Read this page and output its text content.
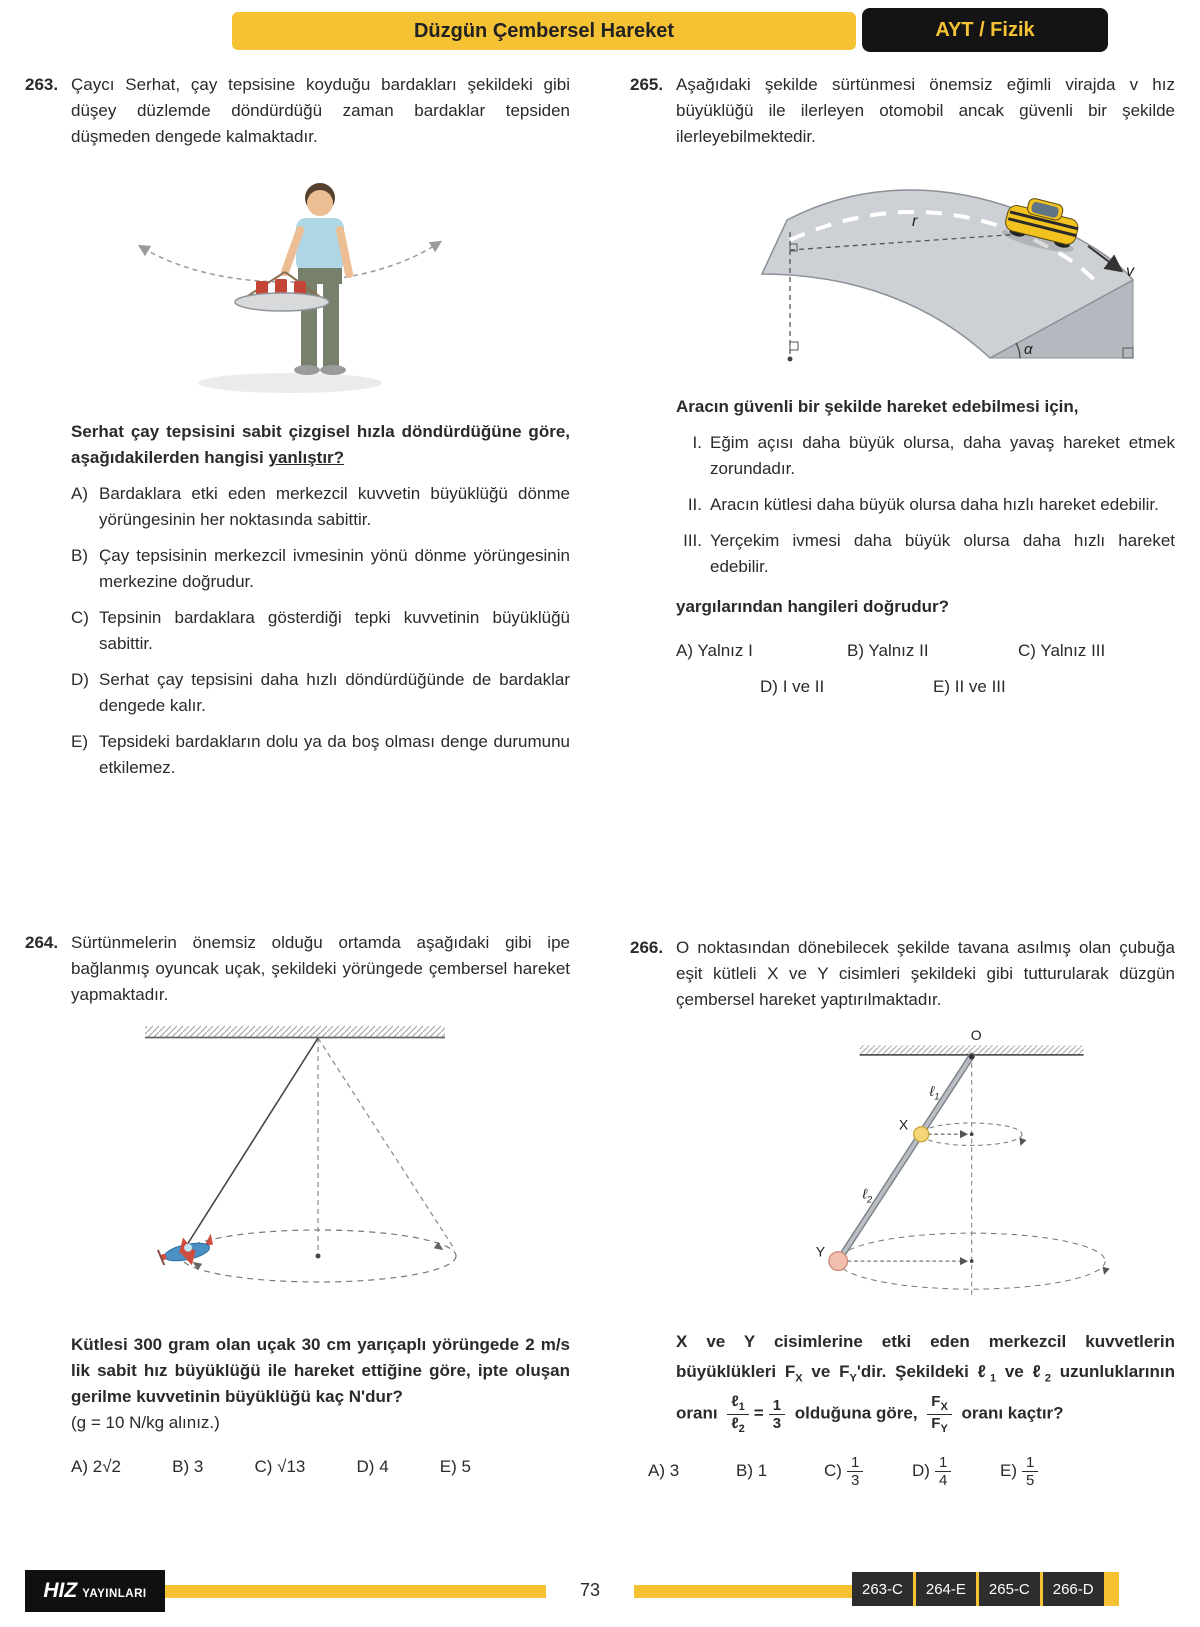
Düzgün Çembersel Hareket	AYT / Fizik
263. Çaycı Serhat, çay tepsisine koyduğu bardakları şekildeki gibi düşey düzlemde döndürdüğü zaman bardaklar tepsiden düşmeden dengede kalmaktadır.
Serhat çay tepsisini sabit çizgisel hızla döndürdüğüne göre, aşağıdakilerden hangisi yanlıştır?
A) Bardaklara etki eden merkezcil kuvvetin büyüklüğü dönme yörüngesinin her noktasında sabittir.
B) Çay tepsisinin merkezcil ivmesinin yönü dönme yörüngesinin merkezine doğrudur.
C) Tepsinin bardaklara gösterdiği tepki kuvvetinin büyüklüğü sabittir.
D) Serhat çay tepsisini daha hızlı döndürdüğünde de bardaklar dengede kalır.
E) Tepsideki bardakların dolu ya da boş olması denge durumunu etkilemez.
265. Aşağıdaki şekilde sürtünmesi önemsiz eğimli virajda v hız büyüklüğü ile ilerleyen otomobil ancak güvenli bir şekilde ilerleyebilmektedir.
r
v
α
Aracın güvenli bir şekilde hareket edebilmesi için,
I. Eğim açısı daha büyük olursa, daha yavaş hareket etmek zorundadır.
II. Aracın kütlesi daha büyük olursa daha hızlı hareket edebilir.
III. Yerçekim ivmesi daha büyük olursa daha hızlı hareket edebilir.
yargılarından hangileri doğrudur?
A) Yalnız I	B) Yalnız II	C) Yalnız III
D) I ve II	E) II ve III
264. Sürtünmelerin önemsiz olduğu ortamda aşağıdaki gibi ipe bağlanmış oyuncak uçak, şekildeki yörüngede çembersel hareket yapmaktadır.
Kütlesi 300 gram olan uçak 30 cm yarıçaplı yörüngede 2 m/s lik sabit hız büyüklüğü ile hareket ettiğine göre, ipte oluşan gerilme kuvvetinin büyüklüğü kaç N'dur?
(g = 10 N/kg alınız.)
A) 2√2	B) 3	C) √13	D) 4	E) 5
266. O noktasından dönebilecek şekilde tavana asılmış olan çubuğa eşit kütleli X ve Y cisimleri şekildeki gibi tutturularak düzgün çembersel hareket yaptırılmaktadır.
O
X
Y
ℓ$_1$
ℓ$_2$
X ve Y cisimlerine etki eden merkezcil kuvvetlerin büyüklükleri $F_X$ ve $F_Y'dir$. Şekildeki ℓ$_1$ ve ℓ$_2$ uzunluklarının oranı $\frac{\ell_1}{\ell_2} = \frac{1}{3}$ olduğuna göre, $\frac{F_X}{F_Y}$ oranı kaçtır?
A) 3	B) 1	$C) \frac{1}{3}$	$D) \frac{1}{4}$	$E) \frac{1}{5}$
HIZ YAYINLARI	73	263-C	264-E	265-C	266-D
